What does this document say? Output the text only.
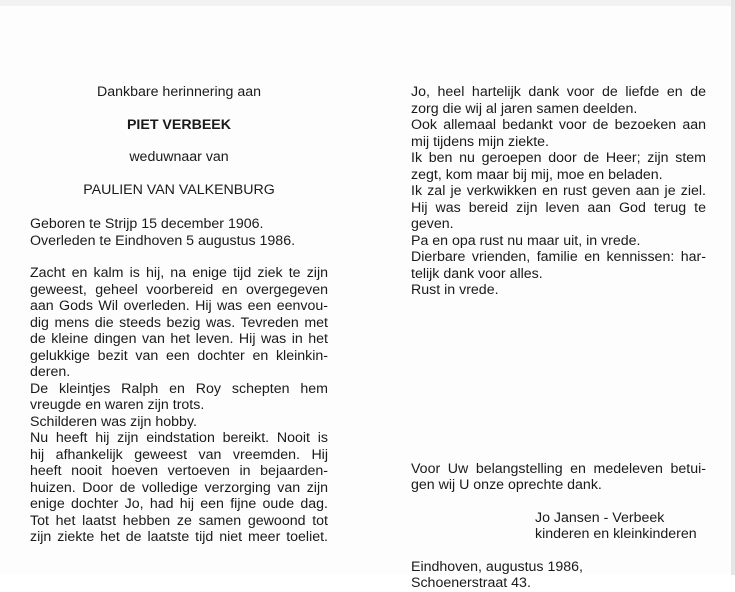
Dankbare herinnering aan
PIET VERBEEK
weduwnaar van
PAULIEN VAN VALKENBURG
Geboren te Strijp 15 december 1906.
Overleden te Eindhoven 5 augustus 1986.
Zacht en kalm is hij, na enige tijd ziek te zijn
geweest, geheel voorbereid en overgegeven
aan Gods Wil overleden. Hij was een eenvou-
dig mens die steeds bezig was. Tevreden met
de kleine dingen van het leven. Hij was in het
gelukkige bezit van een dochter en kleinkin-
deren.
De kleintjes Ralph en Roy schepten hem
vreugde en waren zijn trots.
Schilderen was zijn hobby.
Nu heeft hij zijn eindstation bereikt. Nooit is
hij afhankelijk geweest van vreemden. Hij
heeft nooit hoeven vertoeven in bejaarden-
huizen. Door de volledige verzorging van zijn
enige dochter Jo, had hij een fijne oude dag.
Tot het laatst hebben ze samen gewoond tot
zijn ziekte het de laatste tijd niet meer toeliet.
Jo, heel hartelijk dank voor de liefde en de
zorg die wij al jaren samen deelden.
Ook allemaal bedankt voor de bezoeken aan
mij tijdens mijn ziekte.
Ik ben nu geroepen door de Heer; zijn stem
zegt, kom maar bij mij, moe en beladen.
Ik zal je verkwikken en rust geven aan je ziel.
Hij was bereid zijn leven aan God terug te
geven.
Pa en opa rust nu maar uit, in vrede.
Dierbare vrienden, familie en kennissen: har-
telijk dank voor alles.
Rust in vrede.
Voor Uw belangstelling en medeleven betui-
gen wij U onze oprechte dank.
Jo Jansen - Verbeek
kinderen en kleinkinderen
Eindhoven, augustus 1986,
Schoenerstraat 43.
